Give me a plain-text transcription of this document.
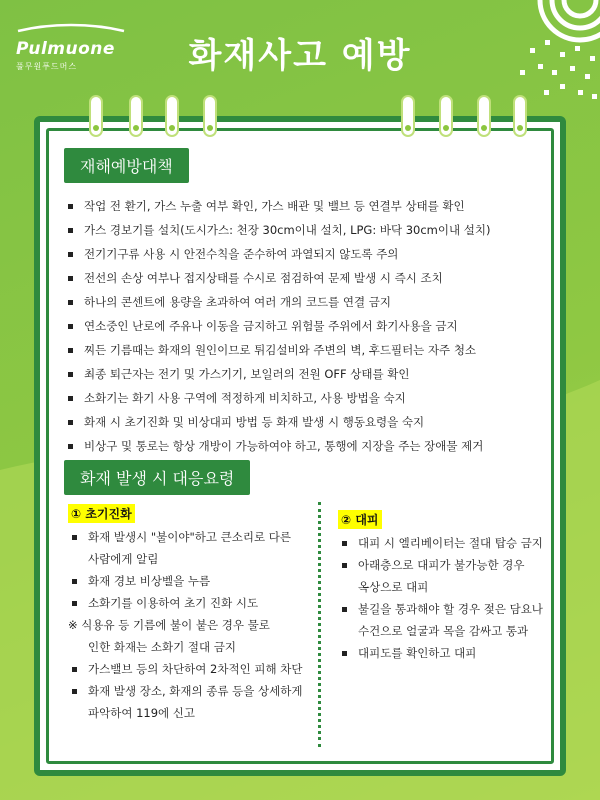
Pulmuone
풀무원푸드머스	화재사고 예방
재해예방대책
작업 전 환기, 가스 누출 여부 확인, 가스 배관 및 밸브 등 연결부 상태를 확인
가스 경보기를 설치(도시가스: 천장 30cm이내 설치, LPG: 바닥 30cm이내 설치)
전기기구류 사용 시 안전수칙을 준수하여 과열되지 않도록 주의
전선의 손상 여부나 접지상태를 수시로 점검하여 문제 발생 시 즉시 조치
하나의 콘센트에 용량을 초과하여 여러 개의 코드를 연결 금지
연소중인 난로에 주유나 이동을 금지하고 위험물 주위에서 화기사용을 금지
찌든 기름때는 화재의 원인이므로 튀김설비와 주변의 벽, 후드필터는 자주 청소
최종 퇴근자는 전기 및 가스기기, 보일러의 전원 OFF 상태를 확인
소화기는 화기 사용 구역에 적정하게 비치하고, 사용 방법을 숙지
화재 시 초기진화 및 비상대피 방법 등 화재 발생 시 행동요령을 숙지
비상구 및 통로는 항상 개방이 가능하여야 하고, 통행에 지장을 주는 장애물 제거
화재 발생 시 대응요령
① 초기진화
화재 발생시 "불이야"하고 큰소리로 다른
사람에게 알림
화재 경보 비상벨을 누름
소화기를 이용하여 초기 진화 시도
※ 식용유 등 기름에 불이 붙은 경우 물로
인한 화재는 소화기 절대 금지
가스밸브 등의 차단하여 2차적인 피해 차단
화재 발생 장소, 화재의 종류 등을 상세하게
파악하여 119에 신고
② 대피
대피 시 엘리베이터는 절대 탑승 금지
아래층으로 대피가 불가능한 경우
옥상으로 대피
불길을 통과해야 할 경우 젖은 담요나
수건으로 얼굴과 목을 감싸고 통과
대피도를 확인하고 대피
